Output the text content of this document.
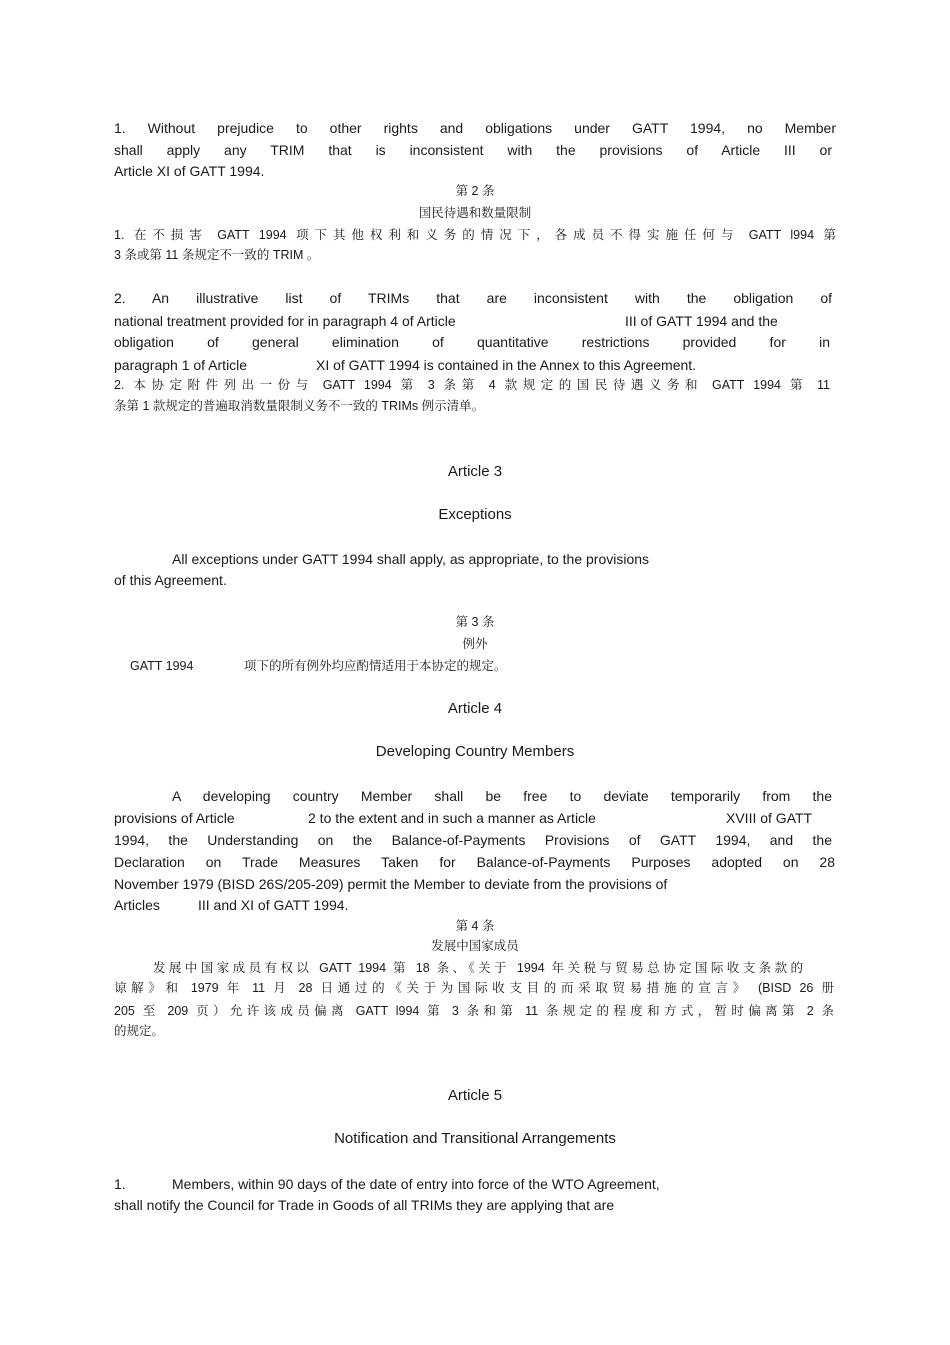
1. Without prejudice to other rights and obligations under GATT 1994, no Member
shall apply any TRIM that is inconsistent with the provisions of Article III or
Article XI of GATT 1994.
第 2 条
国民待遇和数量限制
1. 在不损害 GATT 1994 项下其他权利和义务的情况下，各成员不得实施任何与 GATT l994 第
3 条或第 11 条规定不一致的 TRIM 。
2. An illustrative list of TRIMs that are inconsistent with the obligation of
national treatment provided for in paragraph 4 of Article	III of GATT 1994 and the
obligation of general elimination of quantitative restrictions provided for in
paragraph 1 of Article	XI of GATT 1994 is contained in the Annex to this Agreement.
2. 本协定附件列出一份与 GATT 1994 第 3 条第 4 款规定的国民待遇义务和 GATT 1994 第 11
条第 1 款规定的普遍取消数量限制义务不一致的 TRIMs 例示清单。
Article 3
Exceptions
All exceptions under GATT 1994 shall apply, as appropriate, to the provisions
of this Agreement.
第 3 条
例外
GATT 1994	项下的所有例外均应酌情适用于本协定的规定。
Article 4
Developing Country Members
A developing country Member shall be free to deviate temporarily from the
provisions of Article	2 to the extent and in such a manner as Article	XVIII of GATT
1994, the Understanding on the Balance-of-Payments Provisions of GATT 1994, and the
Declaration on Trade Measures Taken for Balance-of-Payments Purposes adopted on 28
November 1979 (BISD 26S/205-209) permit the Member to deviate from the provisions of
Articles	III and XI of GATT 1994.
第 4 条
发展中国家成员
发展中国家成员有权以 GATT 1994 第 18 条、《关于 1994 年关税与贸易总协定国际收支条款的
谅解》和 1979 年 11 月 28 日通过的《关于为国际收支目的而采取贸易措施的宣言》 (BISD 26 册
205 至 209 页）允许该成员偏离 GATT l994 第 3 条和第 11 条规定的程度和方式，暂时偏离第 2 条
的规定。
Article 5
Notification and Transitional Arrangements
1.	Members, within 90 days of the date of entry into force of the WTO Agreement,
shall notify the Council for Trade in Goods of all TRIMs they are applying that are
